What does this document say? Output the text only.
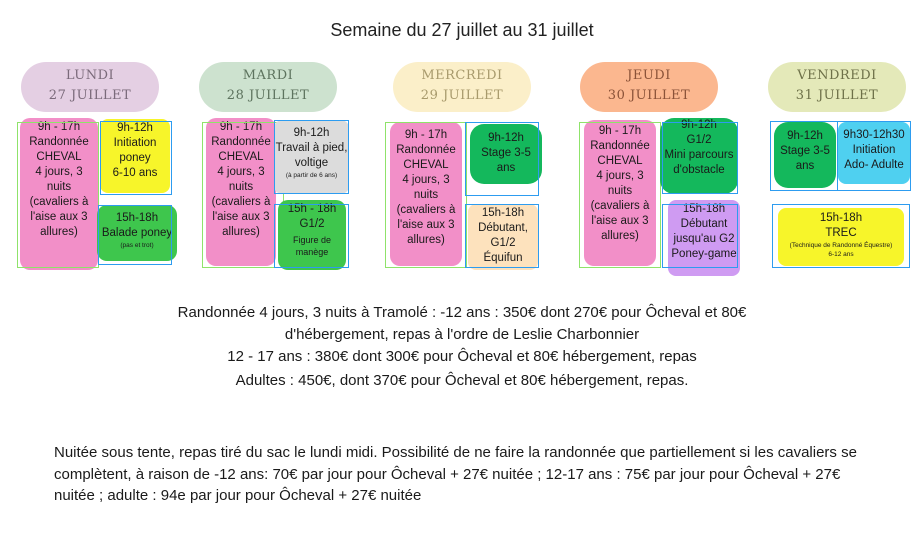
Semaine du 27 juillet au 31 juillet
LUNDI
27 JUILLET
MARDI
28 JUILLET
MERCREDI
29 JUILLET
JEUDI
30 JUILLET
VENDREDI
31 JUILLET
9h - 17h
Randonnée
CHEVAL
4 jours, 3
nuits
(cavaliers à
l'aise aux 3
allures)
9h-12h
Initiation
poney
6-10 ans
15h-18h
Balade poney
(pas et trot)
9h - 17h
Randonnée
CHEVAL
4 jours, 3
nuits
(cavaliers à
l'aise aux 3
allures)
9h-12h
Travail à pied,
voltige
(à partir de 6 ans)
15h - 18h
G1/2
Figure de
manège
9h - 17h
Randonnée
CHEVAL
4 jours, 3
nuits
(cavaliers à
l'aise aux 3
allures)
9h-12h
Stage 3-5
ans
15h-18h
Débutant,
G1/2
Équifun
9h - 17h
Randonnée
CHEVAL
4 jours, 3
nuits
(cavaliers à
l'aise aux 3
allures)
9h-12h
G1/2
Mini parcours
d'obstacle
15h-18h
Débutant
jusqu'au G2
Poney-game
9h-12h
Stage 3-5
ans
9h30-12h30
Initiation
Ado- Adulte
15h-18h
TREC
(Technique de Randonné Équestre)
6-12 ans
Randonnée 4 jours, 3 nuits à Tramolé : -12 ans : 350€ dont 270€ pour Ôcheval et 80€
d'hébergement, repas à l'ordre de Leslie Charbonnier
12 - 17 ans : 380€ dont 300€ pour Ôcheval et 80€ hébergement, repas
Adultes : 450€, dont 370€ pour Ôcheval et 80€ hébergement, repas.
Nuitée sous tente, repas tiré du sac le lundi midi. Possibilité de ne faire la randonnée que partiellement si les cavaliers se complètent, à raison de -12 ans: 70€ par jour pour Ôcheval + 27€ nuitée ; 12-17 ans : 75€ par jour pour Ôcheval + 27€ nuitée ; adulte : 94e par jour pour Ôcheval + 27€ nuitée
